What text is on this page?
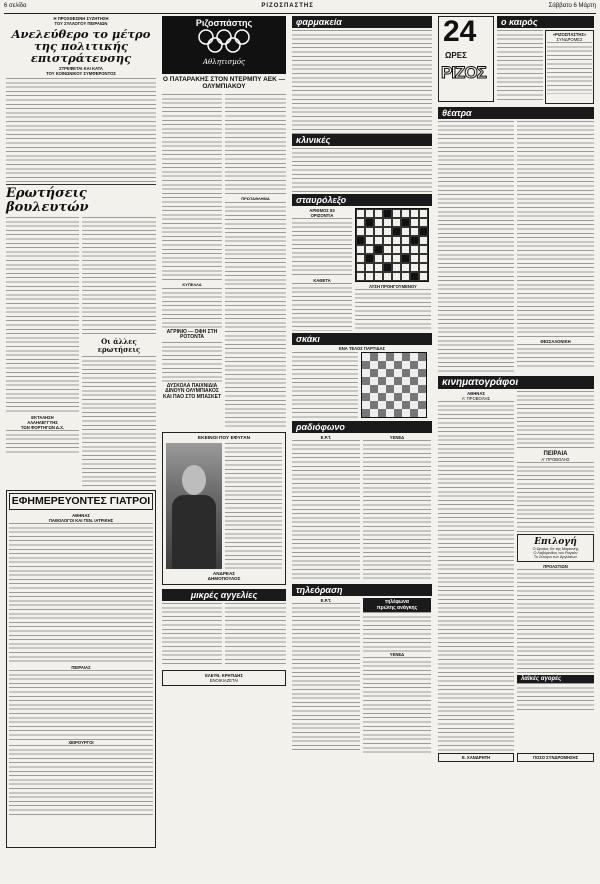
6 σελίδα	ΡΙΖΟΣΠΑΣΤΗΣ	Σάββατο 6 Μάρτη
Η ΠΡΟΧΘΕΣΙΝΗ ΣΥΖΗΤΗΣΗ
ΤΟΥ ΣΥΛΛΟΓΟΥ ΠΕΙΡΑΙΩΝ
Ανελεύθερο το μέτρο της πολιτικής επιστράτευσης
ΣΤΡΕΦΕΤΑΙ ΚΑΙ ΚΑΤΑ
ΤΟΥ ΚΟΙΝΩΝΙΚΟΥ ΣΥΜΦΕΡΟΝΤΟΣ
Ερωτήσεις βουλευτών
ΕΚΤΑΛΗΣΗ
ΑΛΛΗΛΕΓΓΥΗΣ
ΤΩΝ ΦΟΡΤΗΓΩΝ Δ.Χ.
Οι άλλες ερωτήσεις
ΕΦΗΜΕΡΕΥΟΝΤΕΣ ΓΙΑΤΡΟΙ
ΑΘΗΝΑΣ
ΠΑΘΟΛΟΓΟΙ ΚΑΙ ΓΕΝ. ΙΑΤΡΙΚΗΣ
ΠΕΙΡΑΙΑΣ
ΧΕΙΡΟΥΡΓΟΙ
Ριζοσπάστης
Αθλητισμός
Ο ΠΑΤΑΡΑΚΗΣ ΣΤΟΝ ΝΤΕΡΜΠΥ ΑΕΚ — ΟΛΥΜΠΙΑΚΟΥ
ΚΥΠΕΛΛΑ
ΑΓΡΙΝΙΟ — ΟΦΗ ΣΤΗ ΡΟΤΟΝΤΑ
ΔΥΣΚΟΛΑ ΠΑΙΧΝΙΔΙΑ ΔΙΝΟΥΝ ΟΛΥΜΠΙΑΚΟΣ ΚΑΙ ΠΑΟ ΣΤΟ ΜΠΑΣΚΕΤ
ΠΡΩΤΑΘΛΗΜΑ
ΕΚΕΙΝΟΙ ΠΟΥ ΕΦΥΓΑΝ
ΑΝΔΡΕΑΣ
ΔΗΜΟΠΟΥΛΟΣ
μικρές αγγελίες
ΕΛΕΥΘ. ΚΡΗΤΙΔΗΣ
ΕΝΟΙΚΙΑΖΕΤΑΙ
φαρμακεία
κλινικές
σταυρόλεξο
ΑΡΙΘΜΟΣ 83
ΟΡΙΖΟΝΤΙΑ
ΚΑΘΕΤΑ
ΛΥΣΗ ΠΡΟΗΓΟΥΜΕΝΟΥ
σκάκι
ΕΝΑ ΤΕΛΟΣ ΠΑΡΤΙΔΑΣ
ραδιόφωνο
Ε.Ρ.Τ.	ΥΕΝΕΔ
τηλεόραση
Ε.Ρ.Τ.	τηλέφωνα
πρώτης ανάγκης
ΥΕΝΕΔ
24
ΩΡΕΣ
ΡΙΖΟΣ
ο καιρός
«ΡΙΖΟΣΠΑΣΤΗΣ»
ΣΥΝΔΡΟΜΕΣ
θέατρα
ΘΕΣΣΑΛΟΝΙΚΗ
κινηματογράφοι
ΑΘΗΝΑΣ
Α' ΠΡΟΒΟΛΗΣ
ΠΕΙΡΑΙΑ
Α' ΠΡΟΒΟΛΗΣ
Επιλογή
Ο Ωραίος Χιτ της Μαριανής
Ο Λαβύρινθος του Ραγκάν
Το Σύνορο των Αργιλαίων
ΠΡΟΑΣΤΙΩΝ
λαϊκές αγορές
Ε. ΧΑΝΔΡΗΤΗ	ΠΟΣΟ ΣΥΝΔΡΟΜΗΣΗΣ
